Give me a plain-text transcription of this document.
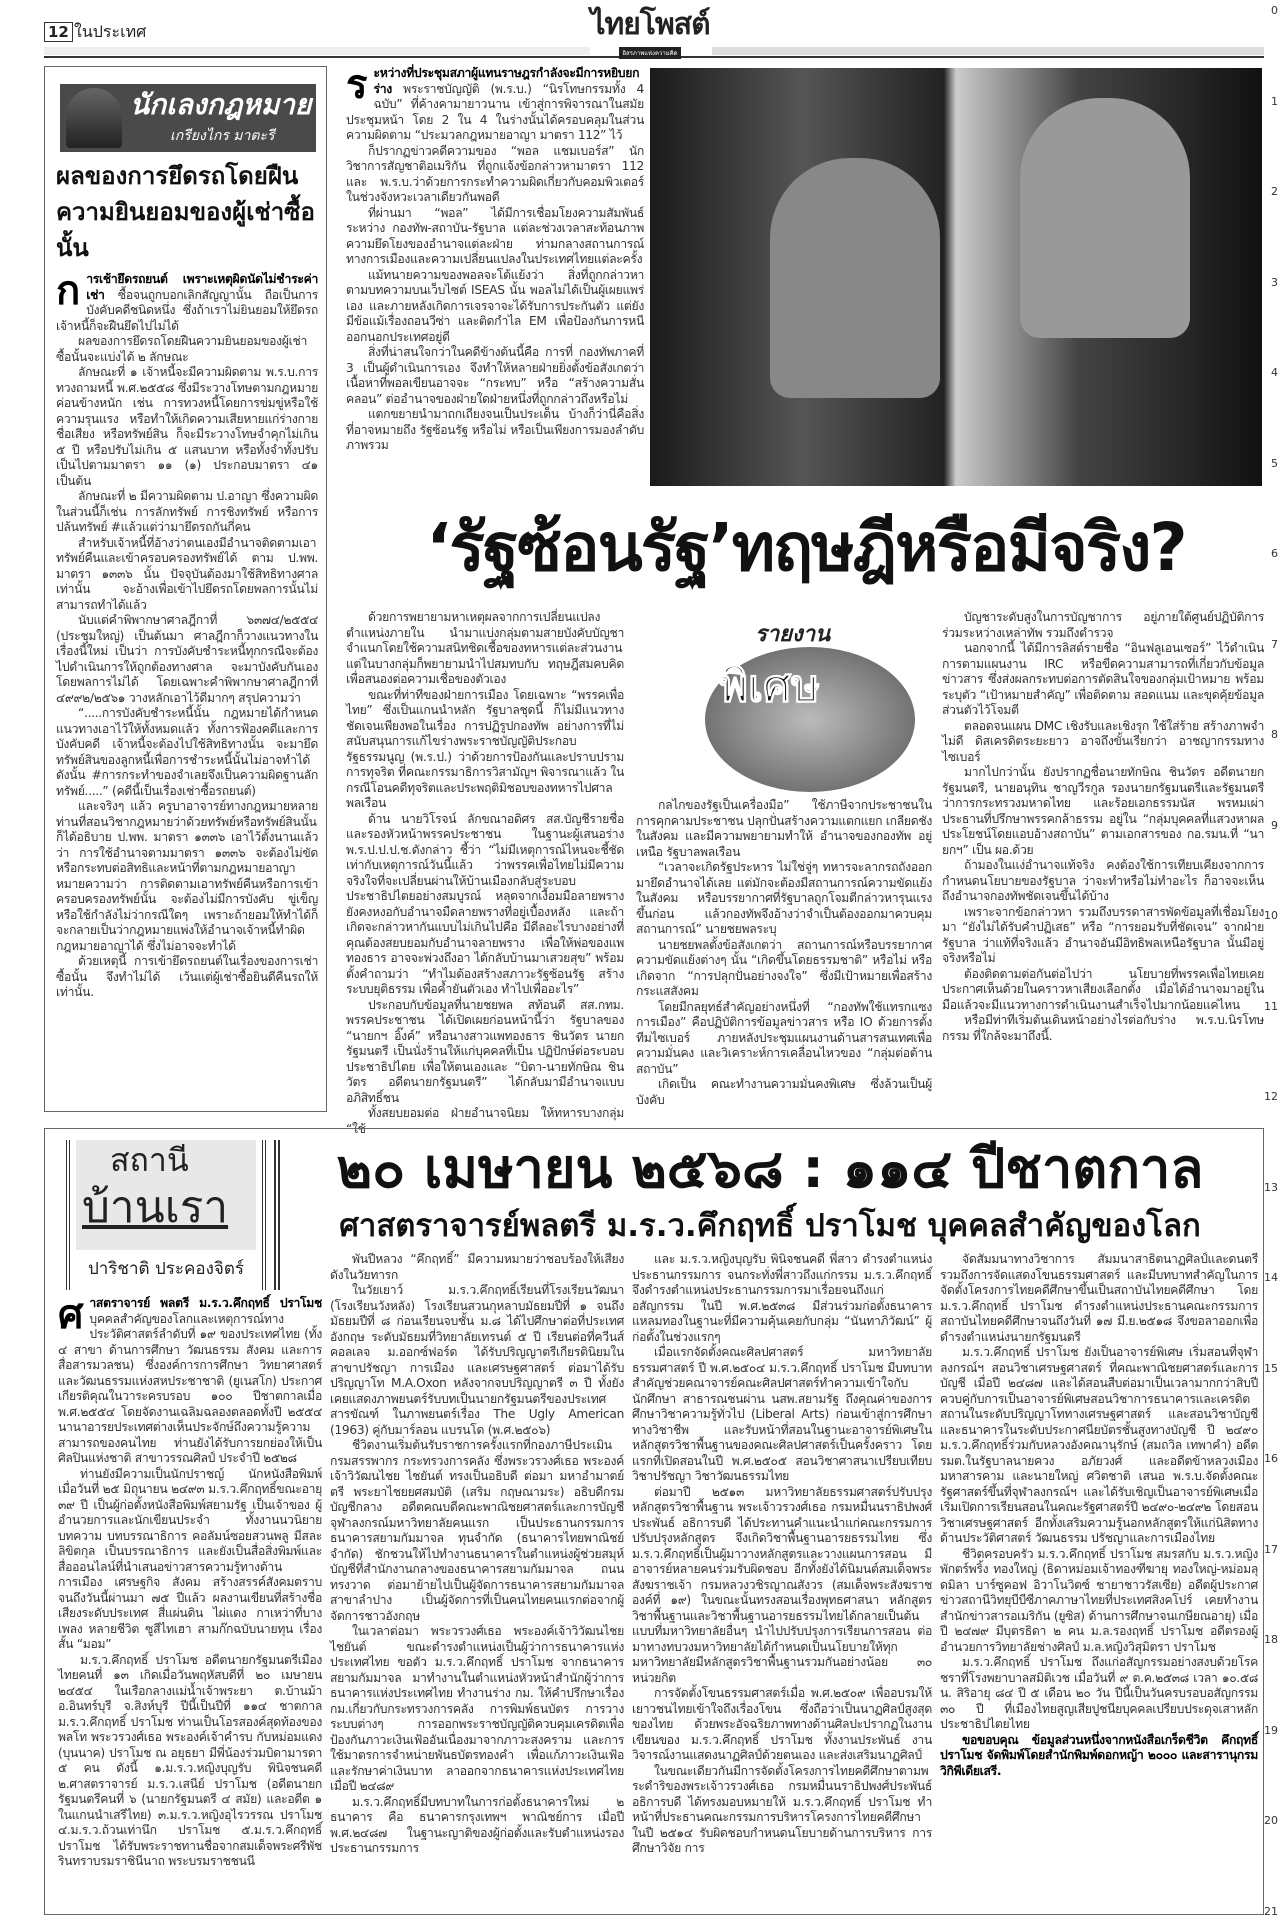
0
1
2
3
4
5
6
7
8
9
10
11
12
13
14
15
16
17
18
19
20
21
12 ในประเทศ	ไทยโพสต์
อิสรภาพแห่งความคิด
นักเลงกฎหมาย
เกรียงไกร มาตะรี
ผลของการยึดรถโดยฝืน
ความยินยอมของผู้เช่าซื้อนั้น

การเช้ายึดรถยนต์ เพราะเหตุผิดนัดไม่ชำระค่าเช่า ซื้อจนถูกบอกเลิกสัญญานั้น ถือเป็นการบังคับคดีชนิดหนึ่ง ซึ่งถ้าเราไม่ยินยอมให้ยึดรถ เจ้าหนี้ก็จะฝืนยึดไปไม่ได้

ผลของการยึดรถโดยฝืนความยินยอมของผู้เช่าซื้อนั้นจะแบ่งได้ ๒ ลักษณะ

ลักษณะที่ ๑ เจ้าหนี้จะมีความผิดตาม พ.ร.บ.การทวงถามหนี้ พ.ศ.๒๕๕๘ ซึ่งมีระวางโทษตามกฎหมายค่อนข้างหนัก เช่น การทวงหนี้โดยการข่มขู่หรือใช้ความรุนแรง หรือทำให้เกิดความเสียหายแก่ร่างกาย ชื่อเสียง หรือทรัพย์สิน ก็จะมีระวางโทษจำคุกไม่เกิน ๕ ปี หรือปรับไม่เกิน ๕ แสนบาท หรือทั้งจำทั้งปรับ เป็นไปตามมาตรา ๑๑ (๑) ประกอบมาตรา ๔๑ เป็นต้น

ลักษณะที่ ๒ มีความผิดตาม ป.อาญา ซึ่งความผิดในส่วนนี้ก็เช่น การลักทรัพย์ การชิงทรัพย์ หรือการปล้นทรัพย์ #แล้วแต่ว่ามายึดรถกันกี่คน

สำหรับเจ้าหนี้ที่อ้างว่าตนเองมีอำนาจติดตามเอาทรัพย์คืนและเข้าครอบครองทรัพย์ได้ ตาม ป.พพ. มาตรา ๑๓๓๖ นั้น ปัจจุบันต้องมาใช้สิทธิทางศาลเท่านั้น จะอ้างเพื่อเข้าไปยึดรถโดยพลการนั้นไม่สามารถทำได้แล้ว

นับแต่คำพิพากษาศาลฎีกาที่ ๖๓๗๔/๒๕๕๔ (ประชุมใหญ่) เป็นต้นมา ศาลฎีกาก็วางแนวทางในเรื่องนี้ใหม่ เป็นว่า การบังคับชำระหนี้ทุกกรณีจะต้องไปดำเนินการให้ถูกต้องทางศาล จะมาบังคับกันเองโดยพลการไม่ได้ โดยเฉพาะคำพิพากษาศาลฎีกาที่ ๔๙๙๒/๒๕๖๑ วางหลักเอาไว้ดีมากๆ สรุปความว่า

“.....การบังคับชำระหนี้นั้น กฎหมายได้กำหนดแนวทางเอาไว้ให้ทั้งหมดแล้ว ทั้งการฟ้องคดีและการบังคับคดี เจ้าหนี้จะต้องไปใช้สิทธิทางนั้น จะมายึดทรัพย์สินของลูกหนี้เพื่อการชำระหนี้นั้นไม่อาจทำได้ ดังนั้น #การกระทำของจำเลยจึงเป็นความผิดฐานลักทรัพย์.....” (คดีนี้เป็นเรื่องเช่าซื้อรถยนต์)

และจริงๆ แล้ว ครูบาอาจารย์ทางกฎหมายหลายท่านที่สอนวิชากฎหมายว่าด้วยทรัพย์หรือทรัพย์สินนั้น ก็ได้อธิบาย ป.พพ. มาตรา ๑๓๓๖ เอาไว้ตั้งนานแล้วว่า การใช้อำนาจตามมาตรา ๑๓๓๖ จะต้องไม่ขัดหรือกระทบต่อสิทธิและหน้าที่ตามกฎหมายอาญา หมายความว่า การติดตามเอาทรัพย์คืนหรือการเข้าครอบครองทรัพย์นั้น จะต้องไม่มีการบังคับ ขู่เข็ญ หรือใช้กำลังไม่ว่ากรณีใดๆ เพราะถ้ายอมให้ทำได้ก็จะกลายเป็นว่ากฎหมายแพ่งให้อำนาจเจ้าหนี้ทำผิดกฎหมายอาญาได้ ซึ่งไม่อาจจะทำได้

ด้วยเหตุนี้ การเข้ายึดรถยนต์ในเรื่องของการเช่าซื้อนั้น จึงทำไม่ได้ เว้นแต่ผู้เช่าซื้อยินดีคืนรถให้เท่านั้น.

ระหว่างที่ประชุมสภาผู้แทนราษฎรกำลังจะมีการหยิบยกร่าง พระราชบัญญัติ (พ.ร.บ.) “นิรโทษกรรมทั้ง 4 ฉบับ” ที่ค้างคามายาวนาน เข้าสู่การพิจารณาในสมัยประชุมหน้า โดย 2 ใน 4 ในร่างนั้นได้ครอบคลุมในส่วนความผิดตาม “ประมวลกฎหมายอาญา มาตรา 112” ไว้

ก็ปรากฏข่าวคดีความของ “พอล แชมเบอร์ส” นักวิชาการสัญชาติอเมริกัน ที่ถูกแจ้งข้อกล่าวหามาตรา 112 และ พ.ร.บ.ว่าด้วยการกระทำความผิดเกี่ยวกับคอมพิวเตอร์ ในช่วงจังหวะเวลาเดียวกันพอดี

ที่ผ่านมา “พอล” ได้มีการเชื่อมโยงความสัมพันธ์ระหว่าง กองทัพ-สถาบัน-รัฐบาล แต่ละช่วงเวลาสะท้อนภาพ ความยึดโยงของอำนาจแต่ละฝ่าย ท่ามกลางสถานการณ์ทางการเมืองและความเปลี่ยนแปลงในประเทศไทยแต่ละครั้ง

แม้ทนายความของพอลจะโต้แย้งว่า สิ่งที่ถูกกล่าวหาตามบทความบนเว็บไซต์ ISEAS นั้น พอลไม่ได้เป็นผู้เผยแพร่เอง และภายหลังเกิดการเจรจาจะได้รับการประกันตัว แต่ยังมีข้อแม้เรื่องถอนวีซ่า และติดกำไล EM เพื่อป้องกันการหนีออกนอกประเทศอยู่ดี

สิ่งที่น่าสนใจกว่าในคดีข้างต้นนี้คือ การที่ กองทัพภาคที่ 3 เป็นผู้ดำเนินการเอง จึงทำให้หลายฝ่ายยิ่งตั้งข้อสังเกตว่า เนื้อหาที่พอลเขียนอาจจะ “กระทบ” หรือ “สร้างความสั่นคลอน” ต่ออำนาจของฝ่ายใดฝ่ายหนึ่งที่ถูกกล่าวถึงหรือไม่

แตกขยายนำมาถกเถียงจนเป็นประเด็น บ้างก็ว่านี่คือสิ่งที่อาจหมายถึง รัฐซ้อนรัฐ หรือไม่ หรือเป็นเพียงการมองลำดับภาพรวม

‘รัฐซ้อนรัฐ’ทฤษฎีหรือมีจริง?

ด้วยการพยายามหาเหตุผลจากการเปลี่ยนแปลงตำแหน่งภายใน นำมาแบ่งกลุ่มตามสายบังคับบัญชา จำแนกโดยใช้ความสนิทชิดเชื้อของทหารแต่ละส่วนงาน แต่ในบางกลุ่มก็พยายามนำไปสมทบกับ ทฤษฎีสมคบคิด เพื่อสนองต่อความเชื่อของตัวเอง

ขณะที่ท่าทีของฝ่ายการเมือง โดยเฉพาะ “พรรคเพื่อไทย” ซึ่งเป็นแกนนำหลัก รัฐบาลชุดนี้ ก็ไม่มีแนวทางชัดเจนเพียงพอในเรื่อง การปฏิรูปกองทัพ อย่างการที่ไม่สนับสนุนการแก้ไขร่างพระราชบัญญัติประกอบรัฐธรรมนูญ (พ.ร.ป.) ว่าด้วยการป้องกันและปราบปรามการทุจริต ที่คณะกรรมาธิการวิสามัญฯ พิจารณาแล้ว ในกรณีโอนคดีทุจริตและประพฤติมิชอบของทหารไปศาลพลเรือน

ด้าน นายวิโรจน์ ลักขณาอดิศร สส.บัญชีรายชื่อ และรองหัวหน้าพรรคประชาชน ในฐานะผู้เสนอร่าง พ.ร.ป.ป.ป.ช.ดังกล่าว ชี้ว่า “ไม่มีเหตุการณ์ไหนจะชี้ชัดเท่ากับเหตุการณ์วันนี้แล้ว ว่าพรรคเพื่อไทยไม่มีความจริงใจที่จะเปลี่ยนผ่านให้บ้านเมืองกลับสู่ระบอบประชาธิปไตยอย่างสมบูรณ์ หลุดจากเงื้อมมือลายพราง ยังคงหงอกับอำนาจมืดลายพรางที่อยู่เบื้องหลัง และถ้าเกิดจะกล่าวหากันแบบไม่เกินไปคือ มีดีลอะไรบางอย่างที่คุณต้องสยบยอมกับอำนาจลายพราง เพื่อให้พ่อของแพทองธาร อาจจะพ่วงถึงอา ได้กลับบ้านมาเสวยสุข” พร้อมตั้งคำถามว่า “ทำไมต้องสร้างสภาวะรัฐซ้อนรัฐ สร้างระบบยุติธรรม เพื่อค้ำยันตัวเอง ทำไปเพื่ออะไร”

ประกอบกับข้อมูลที่นายชยพล สท้อนดี สส.กทม. พรรคประชาชน ได้เปิดเผยก่อนหน้านี้ว่า รัฐบาลของ “นายกฯ อิ๊งค์” หรือนางสาวแพทองธาร ชินวัตร นายกรัฐมนตรี เป็นนั่งร้านให้แก่บุคคลที่เป็น ปฏิปักษ์ต่อระบอบประชาธิปไตย เพื่อให้ตนเองและ “บิดา-นายทักษิณ ชินวัตร อดีตนายกรัฐมนตรี” ได้กลับมามีอำนาจแบบอภิสิทธิ์ชน

ทั้งสยบยอมต่อ ฝ่ายอำนาจนิยม ให้ทหารบางกลุ่ม “ใช้

รายงาน
พิเศษ

กลไกของรัฐเป็นเครื่องมือ” ใช้ภาษีจากประชาชนในการคุกคามประชาชน ปลุกปั่นสร้างความแตกแยก เกลียดชังในสังคม และมีความพยายามทำให้ อำนาจของกองทัพ อยู่เหนือ รัฐบาลพลเรือน

“เวลาจะเกิดรัฐประหาร ไม่ใช่จู่ๆ ทหารจะลากรถถังออกมายึดอำนาจได้เลย แต่มักจะต้องมีสถานการณ์ความขัดแย้งในสังคม หรือบรรยากาศที่รัฐบาลถูกโจมตีกล่าวหารุนแรงขึ้นก่อน แล้วกองทัพจึงอ้างว่าจำเป็นต้องออกมาควบคุมสถานการณ์” นายชยพลระบุ

นายชยพลตั้งข้อสังเกตว่า สถานการณ์หรือบรรยากาศความขัดแย้งต่างๆ นั้น “เกิดขึ้นโดยธรรมชาติ” หรือไม่ หรือเกิดจาก “การปลุกปั่นอย่างจงใจ” ซึ่งมีเป้าหมายเพื่อสร้างกระแสสังคม

โดยมีกลยุทธ์สำคัญอย่างหนึ่งที่ “กองทัพใช้แทรกแซงการเมือง” คือปฏิบัติการข้อมูลข่าวสาร หรือ IO ด้วยการตั้ง ทีมไซเบอร์ ภายหลังประชุมแผนงานด้านสารสนเทศเพื่อความมั่นคง และวิเคราะห์การเคลื่อนไหวของ “กลุ่มต่อต้านสถาบัน”

เกิดเป็น คณะทำงานความมั่นคงพิเศษ ซึ่งล้วนเป็นผู้บังคับ

บัญชาระดับสูงในการบัญชาการ อยู่ภายใต้ศูนย์ปฏิบัติการร่วมระหว่างเหล่าทัพ รวมถึงตำรวจ

นอกจากนี้ ได้มีการลิสต์รายชื่อ “อินฟลูเอนเซอร์” ไว้ดำเนินการตามแผนงาน IRC หรือขีดความสามารถที่เกี่ยวกับข้อมูลข่าวสาร ซึ่งส่งผลกระทบต่อการตัดสินใจของกลุ่มเป้าหมาย พร้อมระบุตัว “เป้าหมายสำคัญ” เพื่อติดตาม สอดแนม และขุดคุ้ยข้อมูลส่วนตัวไว้โจมตี

ตลอดจนแผน DMC เชิงรับและเชิงรุก ใช้ใส่ร้าย สร้างภาพจำไม่ดี ดิสเครดิตระยะยาว อาจถึงขั้นเรียกว่า อาชญากรรมทางไซเบอร์

มากไปกว่านั้น ยังปรากฏชื่อนายทักษิณ ชินวัตร อดีตนายกรัฐมนตรี, นายอนุทิน ชาญวีรกูล รองนายกรัฐมนตรีและรัฐมนตรีว่าการกระทรวงมหาดไทย และร้อยเอกธรรมนัส พรหมเผ่า ประธานที่ปรึกษาพรรคกล้าธรรม อยู่ใน “กลุ่มบุคคลที่แสวงหาผลประโยชน์โดยแอบอ้างสถาบัน” ตามเอกสารของ กอ.รมน.ที่ “นายกฯ” เป็น ผอ.ด้วย

ถ้ามองในแง่อำนาจแท้จริง คงต้องใช้การเทียบเคียงจากการกำหนดนโยบายของรัฐบาล ว่าจะทำหรือไม่ทำอะไร ก็อาจจะเห็นถึงอำนาจกองทัพชัดเจนขึ้นได้บ้าง

เพราะจากข้อกล่าวหา รวมถึงบรรดาสารพัดข้อมูลที่เชื่อมโยงมา “ยังไม่ได้รับคำปฏิเสธ” หรือ “การยอมรับที่ชัดเจน” จากฝ่ายรัฐบาล ว่าแท้ที่จริงแล้ว อำนาจอันมีอิทธิพลเหนือรัฐบาล นั้นมีอยู่จริงหรือไม่

ต้องติดตามต่อกันต่อไปว่า นโยบายที่พรรคเพื่อไทยเคยประกาศเห็นด้วยในคราวหาเสียงเลือกตั้ง เมื่อได้อำนาจมาอยู่ในมือแล้วจะมีแนวทางการดำเนินงานสำเร็จไปมากน้อยแค่ไหน

หรือมีท่าทีเริ่มต้นเดินหน้าอย่างไรต่อกับร่าง พ.ร.บ.นิรโทษกรรม ที่ใกล้จะมาถึงนี้.

สถานี
บ้านเรา
ปาริชาติ ประคองจิตร์
๒๐ เมษายน ๒๕๖๘ : ๑๑๔ ปีชาตกาล
ศาสตราจารย์พลตรี ม.ร.ว.คึกฤทธิ์ ปราโมช บุคคลสำคัญของโลก

ศาสตราจารย์ พลตรี ม.ร.ว.คึกฤทธิ์ ปราโมช บุคคลสำคัญของโลกและเหตุการณ์ทางประวัติศาสตร์ลำดับที่ ๑๙ ของประเทศไทย (ทั้ง ๔ สาขา ด้านการศึกษา วัฒนธรรม สังคม และการสื่อสารมวลชน) ซึ่งองค์การการศึกษา วิทยาศาสตร์และวัฒนธรรมแห่งสหประชาชาติ (ยูเนสโก) ประกาศเกียรติคุณในวาระครบรอบ ๑๐๐ ปีชาตกาลเมื่อ พ.ศ.๒๕๕๔ โดยจัดงานเฉลิมฉลองตลอดทั้งปี ๒๕๕๔ นานาอารยประเทศต่างเห็นประจักษ์ถึงความรู้ความสามารถของคนไทย ท่านยังได้รับการยกย่องให้เป็นศิลปินแห่งชาติ สาขาวรรณศิลป์ ประจำปี ๒๕๒๘

ท่านยังมีความเป็นนักปราชญ์ นักหนังสือพิมพ์ เมื่อวันที่ ๒๕ มิถุนายน ๒๔๙๓ ม.ร.ว.คึกฤทธิ์ขณะอายุ ๓๙ ปี เป็นผู้ก่อตั้งหนังสือพิมพ์สยามรัฐ เป็นเจ้าของ ผู้อำนวยการและนักเขียนประจำ ทั้งงานนวนิยาย บทความ บทบรรณาธิการ คอลัมน์ซอยสวนพลู มีสละ ลิขิตกุล เป็นบรรณาธิการ และยังเป็นสื่อสิ่งพิมพ์และสื่อออนไลน์ที่นำเสนอข่าวสารความรู้ทางด้านการเมือง เศรษฐกิจ สังคม สร้างสรรค์สังคมตราบจนถึงวันนี้ผ่านมา ๗๕ ปีแล้ว ผลงานเขียนที่สร้างชื่อเสียงระดับประเทศ สี่แผ่นดิน ไผ่แดง กาเหว่าที่บางเพลง หลายชีวิต ซูสีไทเฮา สามก๊กฉบับนายทุน เรื่องสั้น “มอม”

ม.ร.ว.คึกฤทธิ์ ปราโมช อดีตนายกรัฐมนตรีเมืองไทยคนที่ ๑๓ เกิดเมื่อวันพฤหัสบดีที่ ๒๐ เมษายน ๒๔๕๔ ในเรือกลางแม่น้ำเจ้าพระยา ต.บ้านม้า อ.อินทร์บุรี จ.สิงห์บุรี ปีนี้เป็นปีที่ ๑๑๔ ชาตกาล ม.ร.ว.คึกฤทธิ์ ปราโมช ท่านเป็นโอรสองค์สุดท้องของพลโท พระวรวงศ์เธอ พระองค์เจ้าคำรบ กับหม่อมแดง (บุนนาค) ปราโมช ณ อยุธยา มีพี่น้องร่วมบิดามารดา ๕ คน ดังนี้ ๑.ม.ร.ว.หญิงบุญรับ พินิจชนคดี ๒.ศาสตราจารย์ ม.ร.ว.เสนีย์ ปราโมช (อดีตนายกรัฐมนตรีคนที่ ๖ (นายกรัฐมนตรี ๔ สมัย) และอดีต ๑ ในแกนนำเสรีไทย) ๓.ม.ร.ว.หญิงอุไรวรรณ ปราโมช ๔.ม.ร.ว.ถ้วนเท่านึก ปราโมช ๕.ม.ร.ว.คึกฤทธิ์ ปราโมช ได้รับพระราชทานชื่อจากสมเด็จพระศรีพัชรินทราบรมราชินีนาถ พระบรมราชชนนี

พันปีหลวง “คึกฤทธิ์” มีความหมายว่าชอบร้องให้เสียงดังในวัยทารก

ในวัยเยาว์ ม.ร.ว.คึกฤทธิ์เรียนที่โรงเรียนวัฒนา (โรงเรียนวังหลัง) โรงเรียนสวนกุหลาบมัธยมปีที่ ๑ จนถึงมัธยมปีที่ ๘ ก่อนเรียนจบชั้น ม.๘ ได้ไปศึกษาต่อที่ประเทศอังกฤษ ระดับมัธยมที่วิทยาลัยเทรนต์ ๕ ปี เรียนต่อที่ควีนส์คอลเลจ ม.ออกซ์ฟอร์ด ได้รับปริญญาตรีเกียรตินิยมในสาขาปรัชญา การเมือง และเศรษฐศาสตร์ ต่อมาได้รับปริญญาโท M.A.Oxon หลังจากจบปริญญาตรี ๓ ปี ทั้งยังเคยแสดงภาพยนตร์รับบทเป็นนายกรัฐมนตรีของประเทศสารขัณฑ์ ในภาพยนตร์เรื่อง The Ugly American (1963) คู่กับมาร์ลอน แบรนโด (พ.ศ.๒๕๐๖)

ชีวิตงานเริ่มต้นรับราชการครั้งแรกที่กองภาษีประเมิน กรมสรรพากร กระทรวงการคลัง ซึ่งพระวรวงศ์เธอ พระองค์เจ้าวิวัฒนไชย ไชยันต์ ทรงเป็นอธิบดี ต่อมา มหาอำมาตย์ตรี พระยาไชยยศสมบัติ (เสริม กฤษณามระ) อธิบดีกรมบัญชีกลาง อดีตคณบดีคณะพาณิชยศาสตร์และการบัญชี จุฬาลงกรณ์มหาวิทยาลัยคนแรก เป็นประธานกรรมการธนาคารสยามกัมมาจล ทุนจำกัด (ธนาคารไทยพาณิชย์ จำกัด) ชักชวนให้ไปทำงานธนาคารในตำแหน่งผู้ช่วยสมุห์บัญชีที่สำนักงานกลางของธนาคารสยามกัมมาจล ถนนทรงวาด ต่อมาย้ายไปเป็นผู้จัดการธนาคารสยามกัมมาจล สาขาลำปาง เป็นผู้จัดการที่เป็นคนไทยคนแรกต่อจากผู้จัดการชาวอังกฤษ

ในเวลาต่อมา พระวรวงศ์เธอ พระองค์เจ้าวิวัฒนไชย ไชยันต์ ขณะดำรงตำแหน่งเป็นผู้ว่าการธนาคารแห่งประเทศไทย ขอตัว ม.ร.ว.คึกฤทธิ์ ปราโมช จากธนาคารสยามกัมมาจล มาทำงานในตำแหน่งหัวหน้าสำนักผู้ว่าการธนาคารแห่งประเทศไทย ทำงานร่าง กม. ให้คำปรึกษาเรื่อง กม.เกี่ยวกับกระทรวงการคลัง การพิมพ์ธนบัตร การวางระบบต่างๆ การออกพระราชบัญญัติควบคุมเครดิตเพื่อป้องกันภาวะเงินเฟ้ออันเนื่องมาจากภาวะสงคราม และการใช้มาตรการจำหน่ายพันธบัตรทองคำ เพื่อแก้ภาวะเงินเฟ้อและรักษาค่าเงินบาท ลาออกจากธนาคารแห่งประเทศไทยเมื่อปี ๒๔๘๙

ม.ร.ว.คึกฤทธิ์มีบทบาทในการก่อตั้งธนาคารใหม่ ๒ ธนาคาร คือ ธนาคารกรุงเทพฯ พาณิชย์การ เมื่อปี พ.ศ.๒๔๘๗ ในฐานะญาติของผู้ก่อตั้งและรับตำแหน่งรองประธานกรรมการ

และ ม.ร.ว.หญิงบุญรับ พินิจชนคดี พี่สาว ดำรงตำแหน่งประธานกรรมการ จนกระทั่งพี่สาวถึงแก่กรรม ม.ร.ว.คึกฤทธิ์จึงดำรงตำแหน่งประธานกรรมการมาเรื่อยจนถึงแก่อสัญกรรม ในปี พ.ศ.๒๕๓๘ มีส่วนร่วมก่อตั้งธนาคารแหลมทองในฐานะที่มีความคุ้นเคยกับกลุ่ม “นันทาภิวัฒน์” ผู้ก่อตั้งในช่วงแรกๆ

เมื่อแรกจัดตั้งคณะศิลปศาสตร์ มหาวิทยาลัยธรรมศาสตร์ ปี พ.ศ.๒๕๐๔ ม.ร.ว.คึกฤทธิ์ ปราโมช มีบทบาทสำคัญช่วยคณาจารย์คณะศิลปศาสตร์ทำความเข้าใจกับนักศึกษา สาธารณชนผ่าน นสพ.สยามรัฐ ถึงคุณค่าของการศึกษาวิชาความรู้ทั่วไป (Liberal Arts) ก่อนเข้าสู่การศึกษาทางวิชาชีพ และรับหน้าที่สอนในฐานะอาจารย์พิเศษในหลักสูตรวิชาพื้นฐานของคณะศิลปศาสตร์เป็นครั้งคราว โดยแรกที่เปิดสอนในปี พ.ศ.๒๕๐๕ สอนวิชาศาสนาเปรียบเทียบ วิชาปรัชญา วิชาวัฒนธรรมไทย

ต่อมาปี ๒๕๑๓ มหาวิทยาลัยธรรมศาสตร์ปรับปรุงหลักสูตรวิชาพื้นฐาน พระเจ้าวรวงศ์เธอ กรมหมื่นนราธิปพงศ์ประพันธ์ อธิการบดี ได้ประทานคำแนะนำแก่คณะกรรมการปรับปรุงหลักสูตร จึงเกิดวิชาพื้นฐานอารยธรรมไทย ซึ่ง ม.ร.ว.คึกฤทธิ์เป็นผู้มาวางหลักสูตรและวางแผนการสอน มีอาจารย์หลายคนร่วมรับผิดชอบ อีกทั้งยังได้นิมนต์สมเด็จพระสังฆราชเจ้า กรมหลวงวชิรญาณสังวร (สมเด็จพระสังฆราชองค์ที่ ๑๙) ในขณะนั้นทรงสอนเรื่องพุทธศาสนา หลักสูตรวิชาพื้นฐานและวิชาพื้นฐานอารยธรรมไทยได้กลายเป็นต้นแบบที่มหาวิทยาลัยอื่นๆ นำไปปรับปรุงการเรียนการสอน ต่อมาทางทบวงมหาวิทยาลัยได้กำหนดเป็นนโยบายให้ทุกมหาวิทยาลัยมีหลักสูตรวิชาพื้นฐานรวมกันอย่างน้อย ๓๐ หน่วยกิต

การจัดตั้งโขนธรรมศาสตร์เมื่อ พ.ศ.๒๕๐๙ เพื่ออบรมให้เยาวชนไทยเข้าใจถึงเรื่องโขน ซึ่งถือว่าเป็นนาฏศิลป์สูงสุดของไทย ด้วยพระอัจฉริยภาพทางด้านศิลปะปรากฏในงานเขียนของ ม.ร.ว.คึกฤทธิ์ ปราโมช ทั้งงานประพันธ์ งานวิจารณ์งานแสดงนาฏศิลป์ด้วยตนเอง และส่งเสริมนาฏศิลป์

ในขณะเดียวกันมีการจัดตั้งโครงการไทยคดีศึกษาตามพระดำริของพระเจ้าวรวงศ์เธอ กรมหมื่นนราธิปพงศ์ประพันธ์ อธิการบดี ได้ทรงมอบหมายให้ ม.ร.ว.คึกฤทธิ์ ปราโมช ทำหน้าที่ประธานคณะกรรมการบริหารโครงการไทยคดีศึกษาในปี ๒๕๑๔ รับผิดชอบกำหนดนโยบายด้านการบริหาร การศึกษาวิจัย การ

จัดสัมมนาทางวิชาการ สัมมนาสาธิตนาฏศิลป์และดนตรี รวมถึงการจัดแสดงโขนธรรมศาสตร์ และมีบทบาทสำคัญในการจัดตั้งโครงการไทยคดีศึกษาขึ้นเป็นสถาบันไทยคดีศึกษา โดย ม.ร.ว.คึกฤทธิ์ ปราโมช ดำรงตำแหน่งประธานคณะกรรมการสถาบันไทยคดีศึกษาจนถึงวันที่ ๑๗ มี.ย.๒๕๑๘ จึงขอลาออกเพื่อดำรงตำแหน่งนายกรัฐมนตรี

ม.ร.ว.คึกฤทธิ์ ปราโมช ยังเป็นอาจารย์พิเศษ เริ่มสอนที่จุฬาลงกรณ์ฯ สอนวิชาเศรษฐศาสตร์ ที่คณะพาณิชยศาสตร์และการบัญชี เมื่อปี ๒๔๘๗ และได้สอนสืบต่อมาเป็นเวลามากกว่าสิบปี ควบคู่กับการเป็นอาจารย์พิเศษสอนวิชาการธนาคารและเครดิตสถานในระดับปริญญาโททางเศรษฐศาสตร์ และสอนวิชาบัญชีและธนาคารในระดับประกาศนียบัตรชั้นสูงทางบัญชี ปี ๒๔๙๐ ม.ร.ว.คึกฤทธิ์ร่วมกับหลวงอังคณานุรักษ์ (สมถวิล เทพาคำ) อดีต รมต.ในรัฐบาลนายควง อภัยวงศ์ และอดีตข้าหลวงเมืองมหาสารคาม และนายใหญ่ ศวิตชาติ เสนอ พ.ร.บ.จัดตั้งคณะรัฐศาสตร์ขึ้นที่จุฬาลงกรณ์ฯ และได้รับเชิญเป็นอาจารย์พิเศษเมื่อเริ่มเปิดการเรียนสอนในคณะรัฐศาสตร์ปี ๒๔๙๐-๒๔๙๒ โดยสอนวิชาเศรษฐศาสตร์ อีกทั้งเสริมความรู้นอกหลักสูตรให้แก่นิสิตทางด้านประวัติศาสตร์ วัฒนธรรม ปรัชญาและการเมืองไทย

ชีวิตครอบครัว ม.ร.ว.คึกฤทธิ์ ปราโมช สมรสกับ ม.ร.ว.หญิงพักตร์พริ้ง ทองใหญ่ (ธิดาหม่อมเจ้าทองฑีฆายุ ทองใหญ่-หม่อมลุดมิลา บาร์ซูคอฟ อิวาโนวิตซ์ ชายาชาวรัสเซีย) อดีตผู้ประกาศข่าวสถานีวิทยุบีบีซีภาคภาษาไทยที่ประเทศสิงคโปร์ เคยทำงานสำนักข่าวสารอเมริกัน (ยูซิส) ด้านการศึกษาจนเกษียณอายุ) เมื่อปี ๒๔๗๙ มีบุตรธิดา ๒ คน ม.ล.รองฤทธิ์ ปราโมช อดีตรองผู้อำนวยการวิทยาลัยช่างศิลป์ ม.ล.หญิงวิสุมิตรา ปราโมช

ม.ร.ว.คึกฤทธิ์ ปราโมช ถึงแก่อสัญกรรมอย่างสงบด้วยโรคชราที่โรงพยาบาลสมิติเวช เมื่อวันที่ ๙ ต.ค.๒๕๓๘ เวลา ๑๐.๕๘ น. สิริอายุ ๘๔ ปี ๕ เดือน ๒๐ วัน ปีนี้เป็นวันครบรอบอสัญกรรม ๓๐ ปี ที่เมืองไทยสูญเสียปูชนียบุคคลเปรียบประดุจเสาหลักประชาธิปไตยไทย

ขอขอบคุณ ข้อมูลส่วนหนึ่งจากหนังสือเกร็ดชีวิต คึกฤทธิ์ ปราโมช จัดพิมพ์โดยสำนักพิมพ์ดอกหญ้า ๒๐๐๐ และสารานุกรมวิกิพีเดียเสรี.
